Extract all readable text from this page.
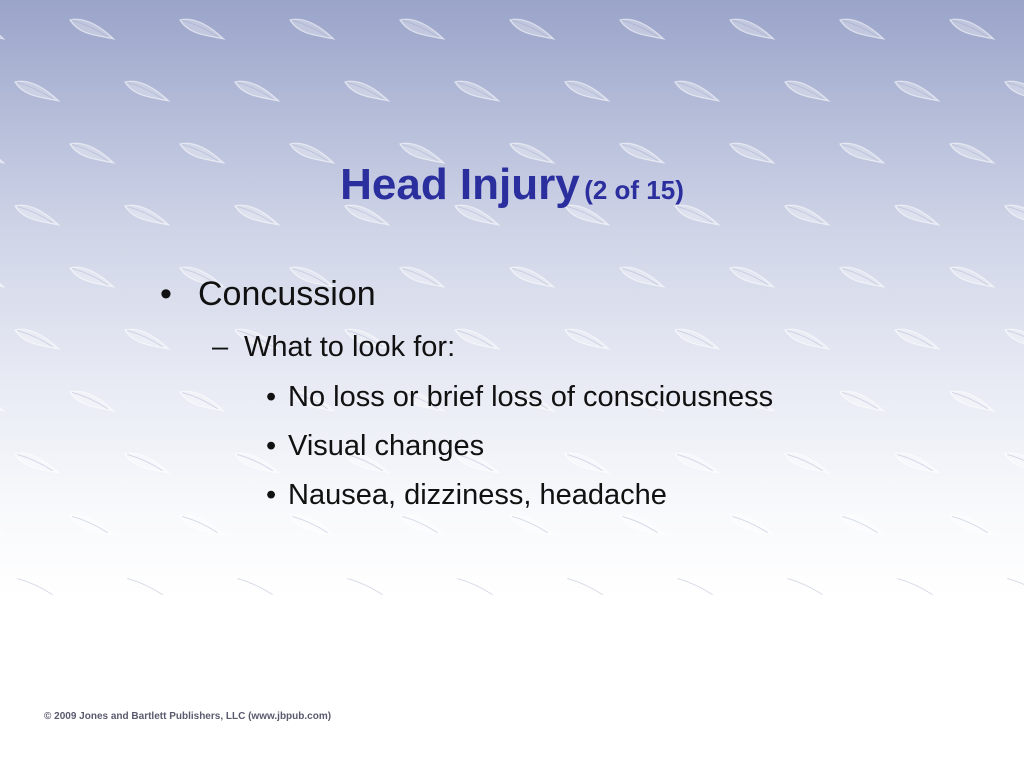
Head Injury (2 of 15)
• Concussion
– What to look for:
• No loss or brief loss of consciousness
• Visual changes
• Nausea, dizziness, headache
© 2009 Jones and Bartlett Publishers, LLC (www.jbpub.com)
